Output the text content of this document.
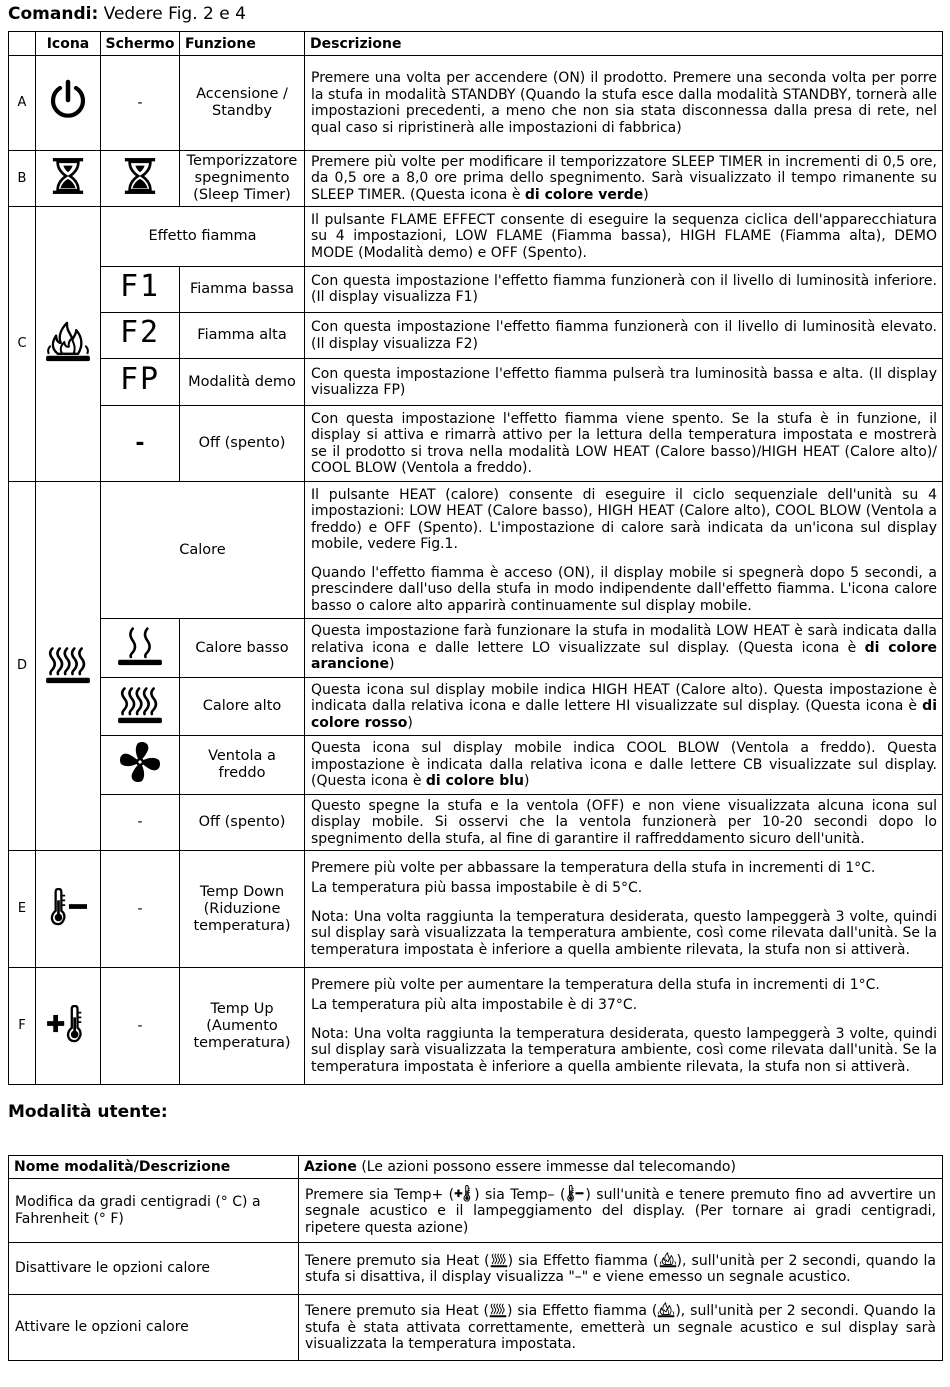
Comandi: Vedere Fig. 2 e 4
	Icona	Schermo	Funzione	Descrizione
A		-	Accensione / Standby	Premere una volta per accendere (ON) il prodotto. Premere una seconda volta per porre la stufa in modalità STANDBY (Quando la stufa esce dalla modalità STANDBY, tornerà alle impostazioni precedenti, a meno che non sia stata disconnessa dalla presa di rete, nel qual caso si ripristinerà alle impostazioni di fabbrica)
B			Temporizzatore spegnimento (Sleep Timer)	Premere più volte per modificare il temporizzatore SLEEP TIMER in incrementi di 0,5 ore, da 0,5 ore a 8,0 ore prima dello spegnimento. Sarà visualizzato il tempo rimanente su SLEEP TIMER. (Questa icona è di colore verde)
C		Effetto fiamma		Il pulsante FLAME EFFECT consente di eseguire la sequenza ciclica dell'apparecchiatura su 4 impostazioni, LOW FLAME (Fiamma bassa), HIGH FLAME (Fiamma alta), DEMO MODE (Modalità demo) e OFF (Spento).
		F1	Fiamma bassa	Con questa impostazione l'effetto fiamma funzionerà con il livello di luminosità inferiore. (Il display visualizza F1)
		F2	Fiamma alta	Con questa impostazione l'effetto fiamma funzionerà con il livello di luminosità elevato. (Il display visualizza F2)
		FP	Modalità demo	Con questa impostazione l'effetto fiamma pulserà tra luminosità bassa e alta. (Il display visualizza FP)
		-	Off (spento)	Con questa impostazione l'effetto fiamma viene spento. Se la stufa è in funzione, il display si attiva e rimarrà attivo per la lettura della temperatura impostata e mostrerà se il prodotto si trova nella modalità LOW HEAT (Calore basso)/HIGH HEAT (Calore alto)/ COOL BLOW (Ventola a freddo).
D		Calore		Il pulsante HEAT (calore) consente di eseguire il ciclo sequenziale dell'unità su 4 impostazioni: LOW HEAT (Calore basso), HIGH HEAT (Calore alto), COOL BLOW (Ventola a freddo) e OFF (Spento). L'impostazione di calore sarà indicata da un'icona sul display mobile, vedere Fig.1.

Quando l'effetto fiamma è acceso (ON), il display mobile si spegnerà dopo 5 secondi, a prescindere dall'uso della stufa in modo indipendente dall'effetto fiamma. L'icona calore basso o calore alto apparirà continuamente sul display mobile.

	Calore basso	Questa impostazione farà funzionare la stufa in modalità LOW HEAT è sarà indicata dalla relativa icona e dalle lettere LO visualizzate sul display. (Questa icona è di colore arancione)
	Calore alto	Questa icona sul display mobile indica HIGH HEAT (Calore alto). Questa impostazione è indicata dalla relativa icona e dalle lettere HI visualizzate sul display. (Questa icona è di colore rosso)
	Ventola a freddo	Questa icona sul display mobile indica COOL BLOW (Ventola a freddo). Questa impostazione è indicata dalla relativa icona e dalle lettere CB visualizzate sul display. (Questa icona è di colore blu)
		-	Off (spento)	Questo spegne la stufa e la ventola (OFF) e non viene visualizzata alcuna icona sul display mobile. Si osservi che la ventola funzionerà per 10-20 secondi dopo lo spegnimento della stufa, al fine di garantire il raffreddamento sicuro dell'unità.
E		-	Temp Down (Riduzione temperatura)	Premere più volte per abbassare la temperatura della stufa in incrementi di 1°C.

La temperatura più bassa impostabile è di 5°C.

Nota: Una volta raggiunta la temperatura desiderata, questo lampeggerà 3 volte, quindi sul display sarà visualizzata la temperatura ambiente, così come rilevata dall'unità. Se la temperatura impostata è inferiore a quella ambiente rilevata, la stufa non si attiverà.

F		-	Temp Up (Aumento temperatura)	Premere più volte per aumentare la temperatura della stufa in incrementi di 1°C.

La temperatura più alta impostabile è di 37°C.

Nota: Una volta raggiunta la temperatura desiderata, questo lampeggerà 3 volte, quindi sul display sarà visualizzata la temperatura ambiente, così come rilevata dall'unità. Se la temperatura impostata è inferiore a quella ambiente rilevata, la stufa non si attiverà.

Modalità utente:
Nome modalità/Descrizione	Azione (Le azioni possono essere immesse dal telecomando)
Modifica da gradi centigradi (° C) a Fahrenheit (° F)	Premere sia Temp+ ( ) sia Temp– ( ) sull'unità e tenere premuto fino ad avvertire un segnale acustico e il lampeggiamento del display. (Per tornare ai gradi centigradi, ripetere questa azione)
Disattivare le opzioni calore	Tenere premuto sia Heat ( ) sia Effetto fiamma ( ), sull'unità per 2 secondi, quando la stufa si disattiva, il display visualizza "–" e viene emesso un segnale acustico.
Attivare le opzioni calore	Tenere premuto sia Heat ( ) sia Effetto fiamma ( ), sull'unità per 2 secondi. Quando la stufa è stata attivata correttamente, emetterà un segnale acustico e sul display sarà visualizzata la temperatura impostata.
